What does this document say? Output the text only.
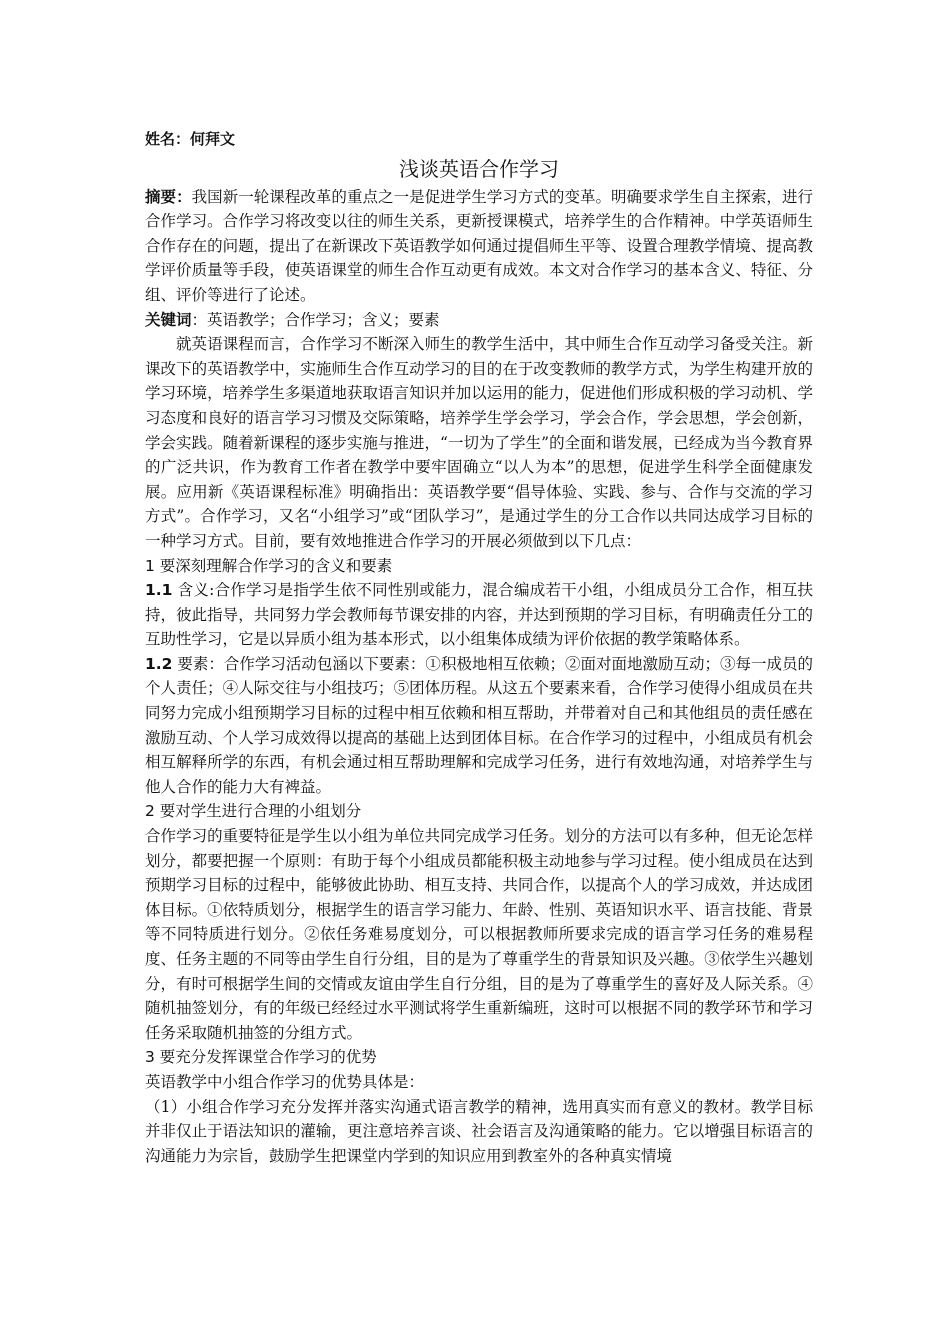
姓名：何拜文

浅谈英语合作学习

摘要：我国新一轮课程改革的重点之一是促进学生学习方式的变革。明确要求学生自主探索，进行合作学习。合作学习将改变以往的师生关系，更新授课模式，培养学生的合作精神。中学英语师生合作存在的问题，提出了在新课改下英语教学如何通过提倡师生平等、设置合理教学情境、提高教学评价质量等手段，使英语课堂的师生合作互动更有成效。本文对合作学习的基本含义、特征、分组、评价等进行了论述。

关键词：英语教学；合作学习；含义；要素

就英语课程而言，合作学习不断深入师生的教学生活中，其中师生合作互动学习备受关注。新课改下的英语教学中，实施师生合作互动学习的目的在于改变教师的教学方式，为学生构建开放的学习环境，培养学生多渠道地获取语言知识并加以运用的能力，促进他们形成积极的学习动机、学习态度和良好的语言学习习惯及交际策略，培养学生学会学习，学会合作，学会思想，学会创新，学会实践。随着新课程的逐步实施与推进，“一切为了学生”的全面和谐发展，已经成为当今教育界的广泛共识，作为教育工作者在教学中要牢固确立“以人为本”的思想，促进学生科学全面健康发展。应用新《英语课程标准》明确指出：英语教学要“倡导体验、实践、参与、合作与交流的学习方式”。合作学习，又名“小组学习”或“团队学习”，是通过学生的分工合作以共同达成学习目标的一种学习方式。目前，要有效地推进合作学习的开展必须做到以下几点：

1 要深刻理解合作学习的含义和要素

1.1 含义:合作学习是指学生依不同性别或能力，混合编成若干小组，小组成员分工合作，相互扶持，彼此指导，共同努力学会教师每节课安排的内容，并达到预期的学习目标，有明确责任分工的互助性学习，它是以异质小组为基本形式，以小组集体成绩为评价依据的教学策略体系。

1.2 要素：合作学习活动包涵以下要素：①积极地相互依赖；②面对面地激励互动；③每一成员的个人责任；④人际交往与小组技巧；⑤团体历程。从这五个要素来看，合作学习使得小组成员在共同努力完成小组预期学习目标的过程中相互依赖和相互帮助，并带着对自己和其他组员的责任感在激励互动、个人学习成效得以提高的基础上达到团体目标。在合作学习的过程中，小组成员有机会相互解释所学的东西，有机会通过相互帮助理解和完成学习任务，进行有效地沟通，对培养学生与他人合作的能力大有裨益。

2 要对学生进行合理的小组划分

合作学习的重要特征是学生以小组为单位共同完成学习任务。划分的方法可以有多种，但无论怎样划分，都要把握一个原则：有助于每个小组成员都能积极主动地参与学习过程。使小组成员在达到预期学习目标的过程中，能够彼此协助、相互支持、共同合作，以提高个人的学习成效，并达成团体目标。①依特质划分，根据学生的语言学习能力、年龄、性别、英语知识水平、语言技能、背景等不同特质进行划分。②依任务难易度划分，可以根据教师所要求完成的语言学习任务的难易程度、任务主题的不同等由学生自行分组，目的是为了尊重学生的背景知识及兴趣。③依学生兴趣划分，有时可根据学生间的交情或友谊由学生自行分组，目的是为了尊重学生的喜好及人际关系。④随机抽签划分，有的年级已经经过水平测试将学生重新编班，这时可以根据不同的教学环节和学习任务采取随机抽签的分组方式。

3 要充分发挥课堂合作学习的优势

英语教学中小组合作学习的优势具体是：

（1）小组合作学习充分发挥并落实沟通式语言教学的精神，选用真实而有意义的教材。教学目标并非仅止于语法知识的灌输，更注意培养言谈、社会语言及沟通策略的能力。它以增强目标语言的沟通能力为宗旨，鼓励学生把课堂内学到的知识应用到教室外的各种真实情境
